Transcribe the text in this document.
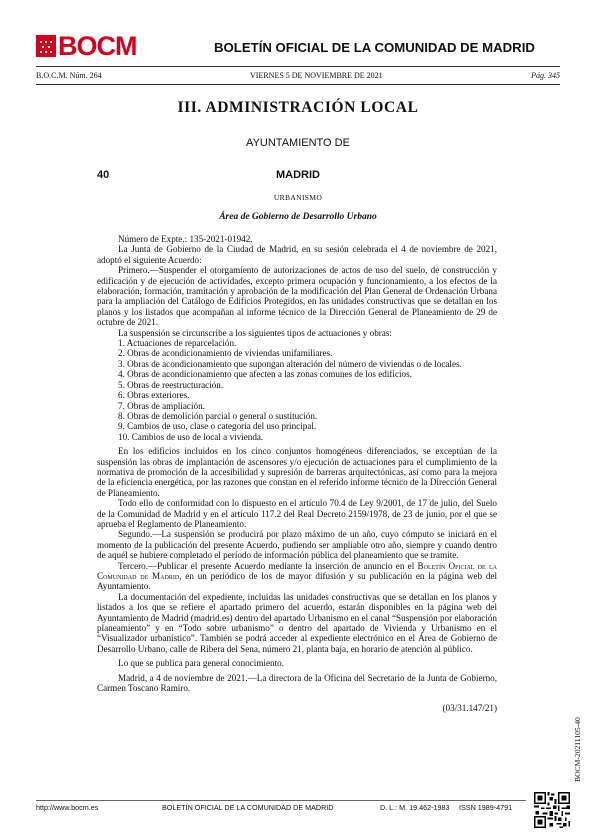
BOCM	BOLETÍN OFICIAL DE LA COMUNIDAD DE MADRID
B.O.C.M. Núm. 264	VIERNES 5 DE NOVIEMBRE DE 2021	Pág. 345
III. ADMINISTRACIÓN LOCAL
AYUNTAMIENTO DE
40	MADRID
URBANISMO
Área de Gobierno de Desarrollo Urbano

Número de Expte.: 135-2021-01942.

La Junta de Gobierno de la Ciudad de Madrid, en su sesión celebrada el 4 de noviembre de 2021, adoptó el siguiente Acuerdo:

Primero.—Suspender el otorgamiento de autorizaciones de actos de uso del suelo, de construcción y edificación y de ejecución de actividades, excepto primera ocupación y funcionamiento, a los efectos de la elaboración, formación, tramitación y aprobación de la modificación del Plan General de Ordenación Urbana para la ampliación del Catálogo de Edificios Protegidos, en las unidades constructivas que se detallan en los planos y los listados que acompañan al informe técnico de la Dirección General de Planeamiento de 29 de octubre de 2021.

La suspensión se circunscribe a los siguientes tipos de actuaciones y obras:

1. Actuaciones de reparcelación.
2. Obras de acondicionamiento de viviendas unifamiliares.
3. Obras de acondicionamiento que supongan alteración del número de viviendas o de locales.
4. Obras de acondicionamiento que afecten a las zonas comunes de los edificios.
5. Obras de reestructuración.
6. Obras exteriores.
7. Obras de ampliación.
8. Obras de demolición parcial o general o sustitución.
9. Cambios de uso, clase o categoría del uso principal.
10. Cambios de uso de local a vivienda.

En los edificios incluidos en los cinco conjuntos homogéneos diferenciados, se exceptúan de la suspensión las obras de implantación de ascensores y/o ejecución de actuaciones para el cumplimiento de la normativa de promoción de la accesibilidad y supresión de barreras arquitectónicas, así como para la mejora de la eficiencia energética, por las razones que constan en el referido informe técnico de la Dirección General de Planeamiento.

Todo ello de conformidad con lo dispuesto en el artículo 70.4 de Ley 9/2001, de 17 de julio, del Suelo de la Comunidad de Madrid y en el artículo 117.2 del Real Decreto 2159/1978, de 23 de junio, por el que se aprueba el Reglamento de Planeamiento.

Segundo.—La suspensión se producirá por plazo máximo de un año, cuyo cómputo se iniciará en el momento de la publicación del presente Acuerdo, pudiendo ser ampliable otro año, siempre y cuando dentro de aquél se hubiere completado el período de información pública del planeamiento que se tramite.

Tercero.—Publicar el presente Acuerdo mediante la inserción de anuncio en el Boletín Oficial de la Comunidad de Madrid, en un periódico de los de mayor difusión y su publicación en la página web del Ayuntamiento.

La documentación del expediente, incluidas las unidades constructivas que se detallan en los planos y listados a los que se refiere el apartado primero del acuerdo, estarán disponibles en la página web del Ayuntamiento de Madrid (madrid.es) dentro del apartado Urbanismo en el canal “Suspensión por elaboración planeamiento” y en “Todo sobre urbanismo” o dentro del apartado de Vivienda y Urbanismo en el “Visualizador urbanístico”. También se podrá acceder al expediente electrónico en el Área de Gobierno de Desarrollo Urbano, calle de Ribera del Sena, número 21, planta baja, en horario de atención al público.

Lo que se publica para general conocimiento.

Madrid, a 4 de noviembre de 2021.—La directora de la Oficina del Secretario de la Junta de Gobierno, Carmen Toscano Ramiro.

(03/31.147/21)

BOCM-20211105-40
http://www.bocm.es	BOLETÍN OFICIAL DE LA COMUNIDAD DE MADRID	D. L.: M. 19.462-1983 ISSN 1989-4791
